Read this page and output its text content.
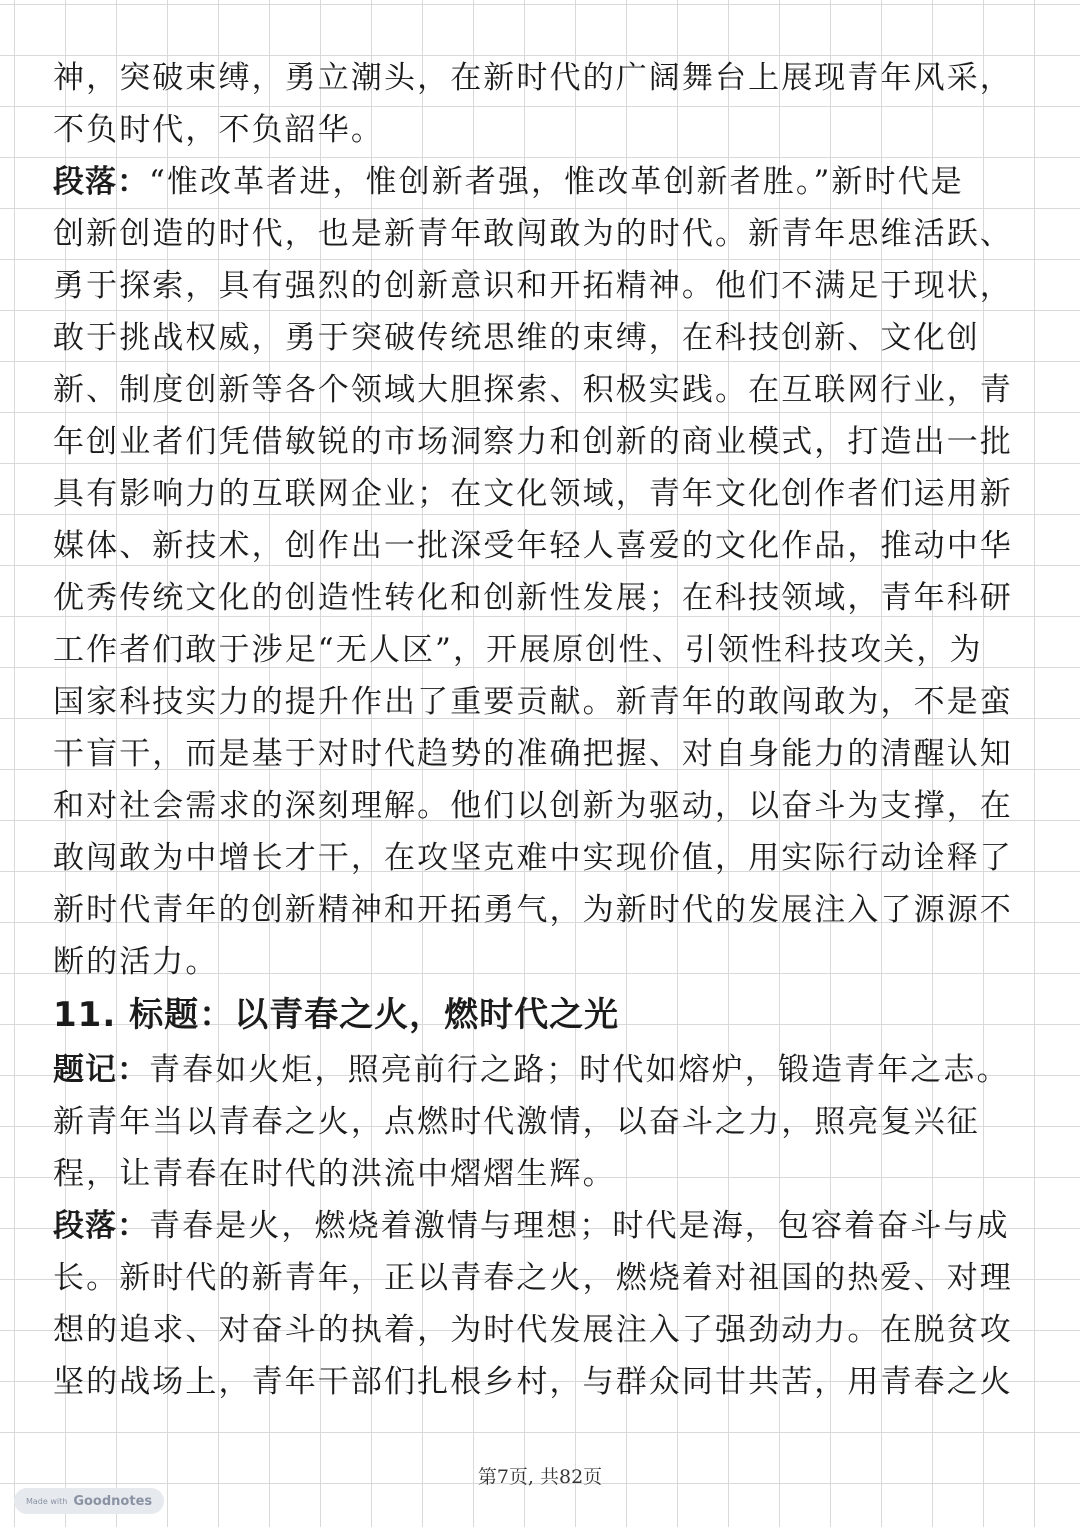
神，突破束缚，勇立潮头，在新时代的广阔舞台上展现青年风采，
不负时代，不负韶华。
段落：“惟改革者进，惟创新者强，惟改革创新者胜。”新时代是
创新创造的时代，也是新青年敢闯敢为的时代。新青年思维活跃、
勇于探索，具有强烈的创新意识和开拓精神。他们不满足于现状，
敢于挑战权威，勇于突破传统思维的束缚，在科技创新、文化创
新、制度创新等各个领域大胆探索、积极实践。在互联网行业，青
年创业者们凭借敏锐的市场洞察力和创新的商业模式，打造出一批
具有影响力的互联网企业；在文化领域，青年文化创作者们运用新
媒体、新技术，创作出一批深受年轻人喜爱的文化作品，推动中华
优秀传统文化的创造性转化和创新性发展；在科技领域，青年科研
工作者们敢于涉足“无人区”，开展原创性、引领性科技攻关，为
国家科技实力的提升作出了重要贡献。新青年的敢闯敢为，不是蛮
干盲干，而是基于对时代趋势的准确把握、对自身能力的清醒认知
和对社会需求的深刻理解。他们以创新为驱动，以奋斗为支撑，在
敢闯敢为中增长才干，在攻坚克难中实现价值，用实际行动诠释了
新时代青年的创新精神和开拓勇气，为新时代的发展注入了源源不
断的活力。
11. 标题：以青春之火，燃时代之光
题记：青春如火炬，照亮前行之路；时代如熔炉，锻造青年之志。
新青年当以青春之火，点燃时代激情，以奋斗之力，照亮复兴征
程，让青春在时代的洪流中熠熠生辉。
段落：青春是火，燃烧着激情与理想；时代是海，包容着奋斗与成
长。新时代的新青年，正以青春之火，燃烧着对祖国的热爱、对理
想的追求、对奋斗的执着，为时代发展注入了强劲动力。在脱贫攻
坚的战场上，青年干部们扎根乡村，与群众同甘共苦，用青春之火
第7页, 共82页
Made with Goodnotes
